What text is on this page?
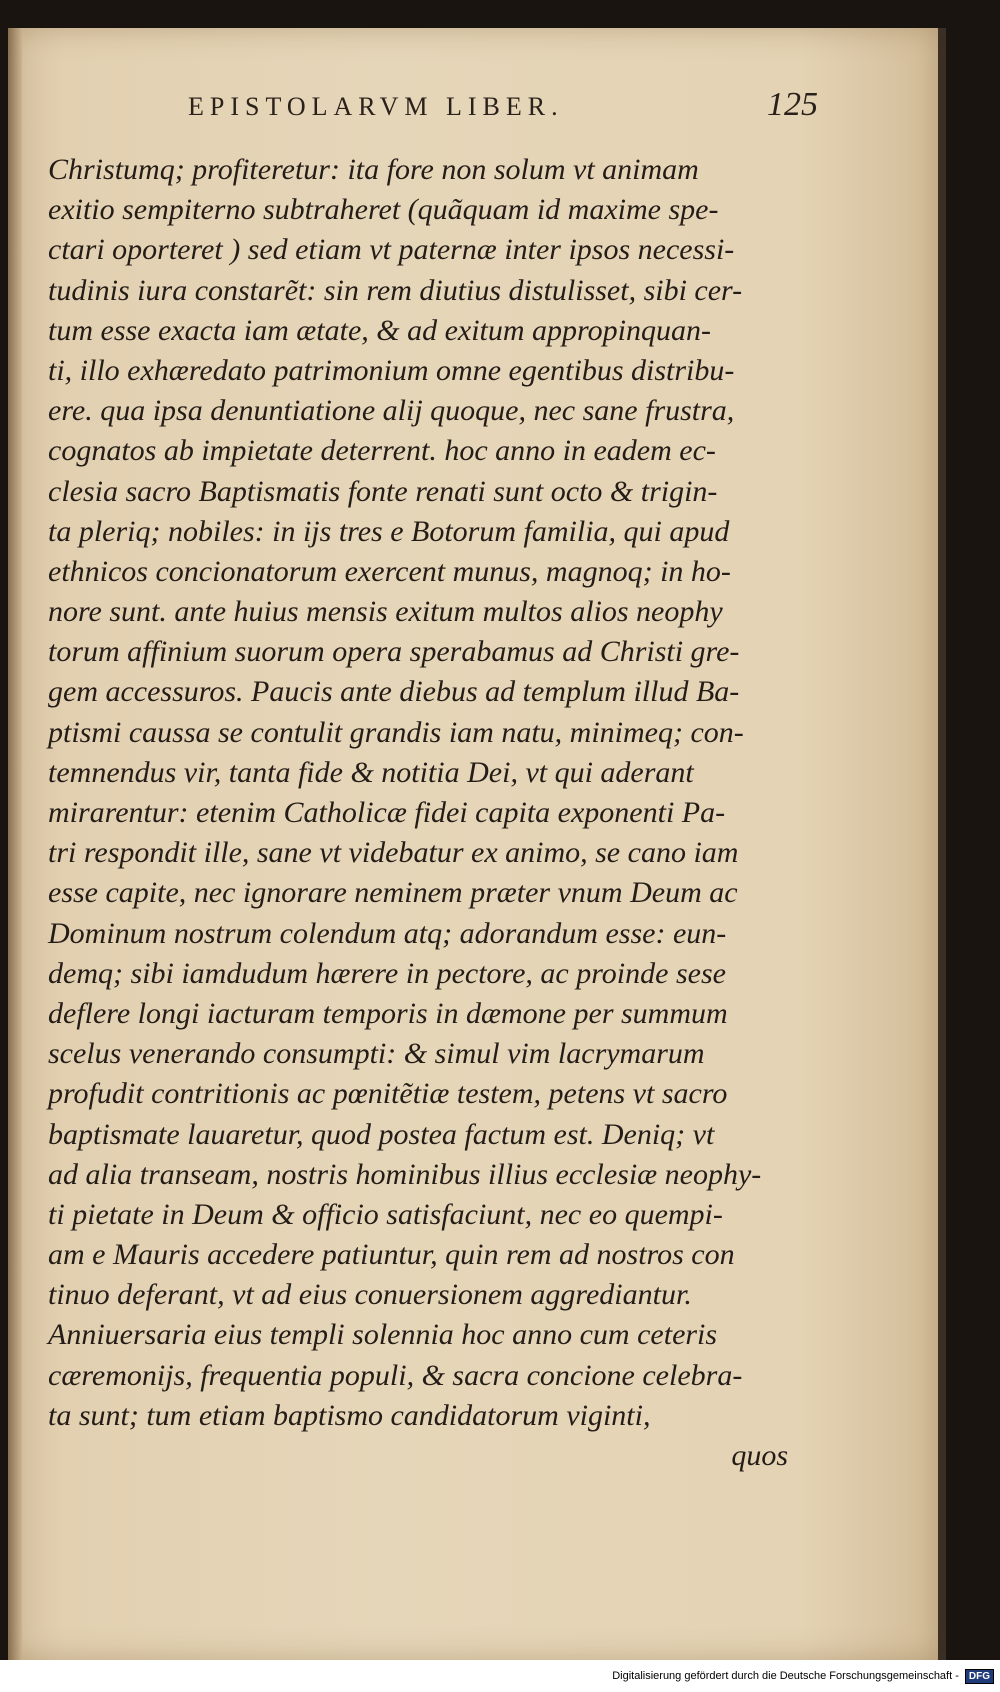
EPISTOLARVM LIBER.	125
Christumq; profiteretur: ita fore non solum vt animam
exitio sempiterno subtraheret (quãquam id maxime spe-
ctari oporteret ) sed etiam vt paternæ inter ipsos necessi-
tudinis iura constarẽt: sin rem diutius distulisset, sibi cer-
tum esse exacta iam ætate, & ad exitum appropinquan-
ti, illo exhæredato patrimonium omne egentibus distribu-
ere. qua ipsa denuntiatione alij quoque, nec sane frustra,
cognatos ab impietate deterrent. hoc anno in eadem ec-
clesia sacro Baptismatis fonte renati sunt octo & trigin-
ta pleriq; nobiles: in ijs tres e Botorum familia, qui apud
ethnicos concionatorum exercent munus, magnoq; in ho-
nore sunt. ante huius mensis exitum multos alios neophy
torum affinium suorum opera sperabamus ad Christi gre-
gem accessuros. Paucis ante diebus ad templum illud Ba-
ptismi caussa se contulit grandis iam natu, minimeq; con-
temnendus vir, tanta fide & notitia Dei, vt qui aderant
mirarentur: etenim Catholicæ fidei capita exponenti Pa-
tri respondit ille, sane vt videbatur ex animo, se cano iam
esse capite, nec ignorare neminem præter vnum Deum ac
Dominum nostrum colendum atq; adorandum esse: eun-
demq; sibi iamdudum hærere in pectore, ac proinde sese
deflere longi iacturam temporis in dæmone per summum
scelus venerando consumpti: & simul vim lacrymarum
profudit contritionis ac pœnitẽtiæ testem, petens vt sacro
baptismate lauaretur, quod postea factum est. Deniq; vt
ad alia transeam, nostris hominibus illius ecclesiæ neophy-
ti pietate in Deum & officio satisfaciunt, nec eo quempi-
am e Mauris accedere patiuntur, quin rem ad nostros con
tinuo deferant, vt ad eius conuersionem aggrediantur.
Anniuersaria eius templi solennia hoc anno cum ceteris
cæremonijs, frequentia populi, & sacra concione celebra-
ta sunt; tum etiam baptismo candidatorum viginti,
quos
Digitalisierung gefördert durch die Deutsche Forschungsgemeinschaft -	DFG
